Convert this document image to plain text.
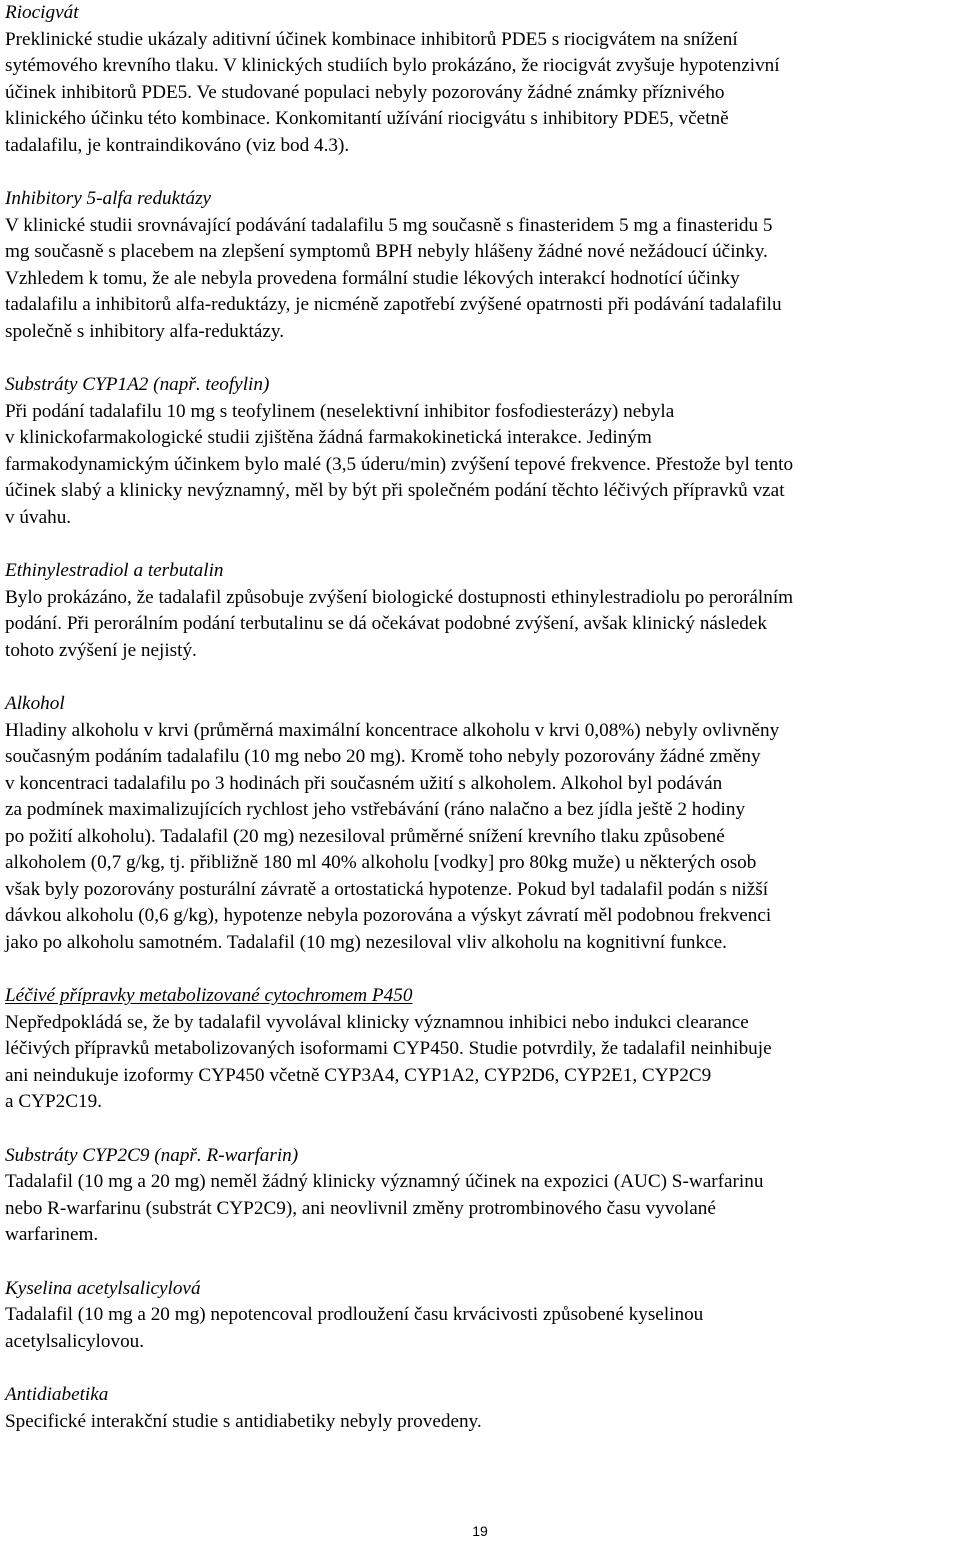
Riocigvát
Preklinické studie ukázaly aditivní účinek kombinace inhibitorů PDE5 s riocigvátem na snížení
sytémového krevního tlaku. V klinických studiích bylo prokázáno, že riocigvát zvyšuje hypotenzivní
účinek inhibitorů PDE5. Ve studované populaci nebyly pozorovány žádné známky příznivého
klinického účinku této kombinace. Konkomitantí užívání riocigvátu s inhibitory PDE5, včetně
tadalafilu, je kontraindikováno (viz bod 4.3).
Inhibitory 5-alfa reduktázy
V klinické studii srovnávající podávání tadalafilu 5 mg současně s finasteridem 5 mg a finasteridu 5
mg současně s placebem na zlepšení symptomů BPH nebyly hlášeny žádné nové nežádoucí účinky.
Vzhledem k tomu, že ale nebyla provedena formální studie lékových interakcí hodnotící účinky
tadalafilu a inhibitorů alfa-reduktázy, je nicméně zapotřebí zvýšené opatrnosti při podávání tadalafilu
společně s inhibitory alfa-reduktázy.
Substráty CYP1A2 (např. teofylin)
Při podání tadalafilu 10 mg s teofylinem (neselektivní inhibitor fosfodiesterázy) nebyla
v klinickofarmakologické studii zjištěna žádná farmakokinetická interakce. Jediným
farmakodynamickým účinkem bylo malé (3,5 úderu/min) zvýšení tepové frekvence. Přestože byl tento
účinek slabý a klinicky nevýznamný, měl by být při společném podání těchto léčivých přípravků vzat
v úvahu.
Ethinylestradiol a terbutalin
Bylo prokázáno, že tadalafil způsobuje zvýšení biologické dostupnosti ethinylestradiolu po perorálním
podání. Při perorálním podání terbutalinu se dá očekávat podobné zvýšení, avšak klinický následek
tohoto zvýšení je nejistý.
Alkohol
Hladiny alkoholu v krvi (průměrná maximální koncentrace alkoholu v krvi 0,08%) nebyly ovlivněny
současným podáním tadalafilu (10 mg nebo 20 mg). Kromě toho nebyly pozorovány žádné změny
v koncentraci tadalafilu po 3 hodinách při současném užití s alkoholem. Alkohol byl podáván
za podmínek maximalizujících rychlost jeho vstřebávání (ráno nalačno a bez jídla ještě 2 hodiny
po požití alkoholu). Tadalafil (20 mg) nezesiloval průměrné snížení krevního tlaku způsobené
alkoholem (0,7 g/kg, tj. přibližně 180 ml 40% alkoholu [vodky] pro 80kg muže) u některých osob
však byly pozorovány posturální závratě a ortostatická hypotenze. Pokud byl tadalafil podán s nižší
dávkou alkoholu (0,6 g/kg), hypotenze nebyla pozorována a výskyt závratí měl podobnou frekvenci
jako po alkoholu samotném. Tadalafil (10 mg) nezesiloval vliv alkoholu na kognitivní funkce.
Léčivé přípravky metabolizované cytochromem P450
Nepředpokládá se, že by tadalafil vyvolával klinicky významnou inhibici nebo indukci clearance
léčivých přípravků metabolizovaných isoformami CYP450. Studie potvrdily, že tadalafil neinhibuje
ani neindukuje izoformy CYP450 včetně CYP3A4, CYP1A2, CYP2D6, CYP2E1, CYP2C9
a CYP2C19.
Substráty CYP2C9 (např. R-warfarin)
Tadalafil (10 mg a 20 mg) neměl žádný klinicky významný účinek na expozici (AUC) S-warfarinu
nebo R-warfarinu (substrát CYP2C9), ani neovlivnil změny protrombinového času vyvolané
warfarinem.
Kyselina acetylsalicylová
Tadalafil (10 mg a 20 mg) nepotencoval prodloužení času krvácivosti způsobené kyselinou
acetylsalicylovou.
Antidiabetika
Specifické interakční studie s antidiabetiky nebyly provedeny.
19
